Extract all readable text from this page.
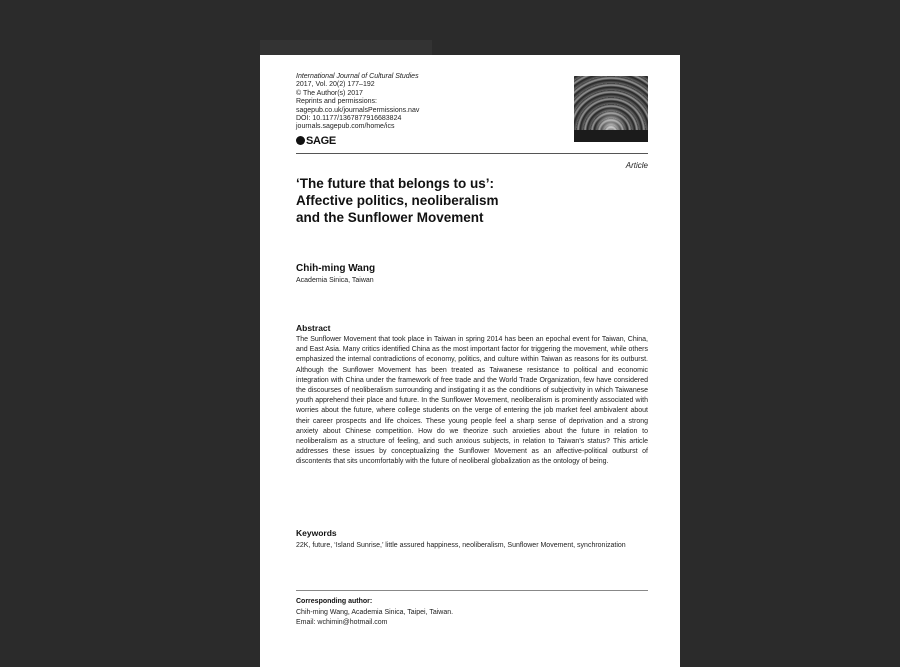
International Journal of Cultural Studies
2017, Vol. 20(2) 177–192
© The Author(s) 2017
Reprints and permissions:
sagepub.co.uk/journalsPermissions.nav
DOI: 10.1177/1367877916683824
journals.sagepub.com/home/ics
SAGE
Article
‘The future that belongs to us’:
Affective politics, neoliberalism
and the Sunflower Movement
Chih-ming Wang
Academia Sinica, Taiwan
Abstract

The Sunflower Movement that took place in Taiwan in spring 2014 has been an epochal event for Taiwan, China, and East Asia. Many critics identified China as the most important factor for triggering the movement, while others emphasized the internal contradictions of economy, politics, and culture within Taiwan as reasons for its outburst. Although the Sunflower Movement has been treated as Taiwanese resistance to political and economic integration with China under the framework of free trade and the World Trade Organization, few have considered the discourses of neoliberalism surrounding and instigating it as the conditions of subjectivity in which Taiwanese youth apprehend their place and future. In the Sunflower Movement, neoliberalism is prominently associated with worries about the future, where college students on the verge of entering the job market feel ambivalent about their career prospects and life choices. These young people feel a sharp sense of deprivation and a strong anxiety about Chinese competition. How do we theorize such anxieties about the future in relation to neoliberalism as a structure of feeling, and such anxious subjects, in relation to Taiwan’s status? This article addresses these issues by conceptualizing the Sunflower Movement as an affective-political outburst of discontents that sits uncomfortably with the future of neoliberal globalization as the ontology of being.

Keywords

22K, future, ‘Island Sunrise,’ little assured happiness, neoliberalism, Sunflower Movement, synchronization

Corresponding author:
Chih-ming Wang, Academia Sinica, Taipei, Taiwan.
Email: wchimin@hotmail.com
